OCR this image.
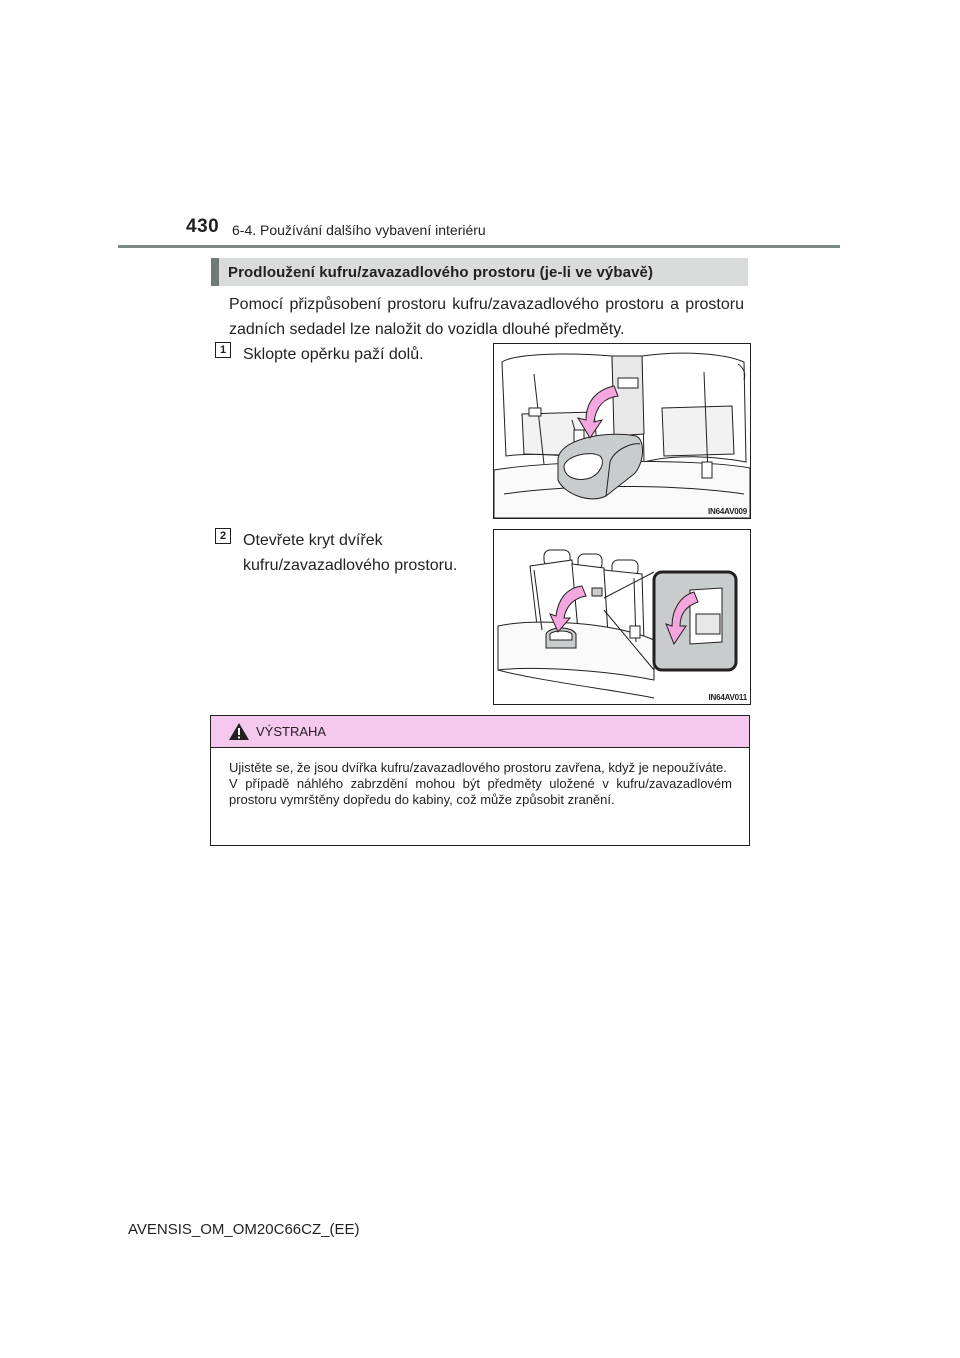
430 6-4. Používání dalšího vybavení interiéru
Prodloužení kufru/zavazadlového prostoru (je-li ve výbavě)
Pomocí přizpůsobení prostoru kufru/zavazadlového prostoru a prostoru zadních sedadel lze naložit do vozidla dlouhé předměty.
1	Sklopte opěrku paží dolů.
IN64AV009
2	Otevřete kryt dvířek kufru/zavazadlového prostoru.
IN64AV011
VÝSTRAHA
Ujistěte se, že jsou dvířka kufru/zavazadlového prostoru zavřena, když je nepoužíváte.
V případě náhlého zabrzdění mohou být předměty uložené v kufru/zavazadlovém prostoru vymrštěny dopředu do kabiny, což může způsobit zranění.
AVENSIS_OM_OM20C66CZ_(EE)
